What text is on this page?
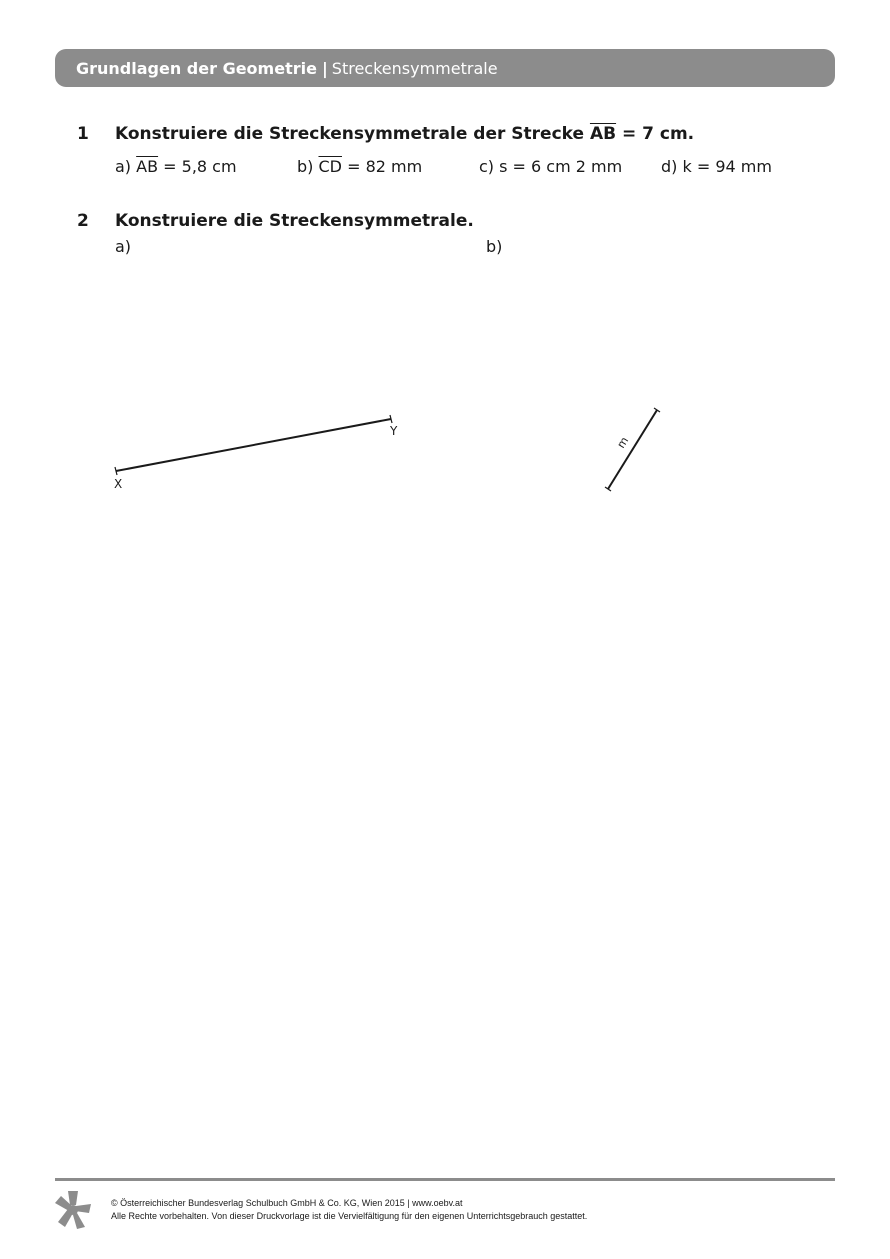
Grundlagen der Geometrie | Streckensymmetrale
1 Konstruiere die Streckensymmetrale der Strecke $\overline{AB} = 7$ cm.
a) $\overline{AB} = 5,8$ cm	b) $\overline{CD} = 82$ mm	c) s = 6 cm 2 mm d) k = 94 mm
2 Konstruiere die Streckensymmetrale.
a)	b)
X
Y
m
© Österreichischer Bundesverlag Schulbuch GmbH & Co. KG, Wien 2015 | www.oebv.at
Alle Rechte vorbehalten. Von dieser Druckvorlage ist die Vervielfältigung für den eigenen Unterrichtsgebrauch gestattet.
